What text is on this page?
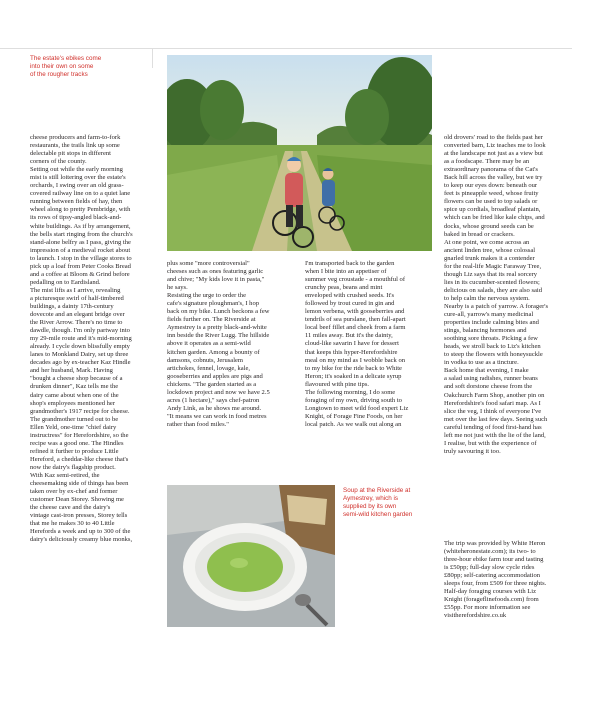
The estate's ebikes come
into their own on some
of the rougher tracks
cheese producers and farm-to-fork
restaurants, the trails link up some
delectable pit stops in different
corners of the county.
Setting out while the early morning
mist is still loitering over the estate's
orchards, I swing over an old grass-
covered railway line on to a quiet lane
running between fields of hay, then
wheel along to pretty Pembridge, with
its rows of tipsy-angled black-and-
white buildings. As if by arrangement,
the bells start ringing from the church's
stand-alone belfry as I pass, giving the
impression of a medieval rocket about
to launch. I stop in the village stores to
pick up a loaf from Peter Cooks Bread
and a coffee at Bloom & Grind before
pedalling on to Eardisland.
The mist lifts as I arrive, revealing
a picturesque swirl of half-timbered
buildings, a dainty 17th-century
dovecote and an elegant bridge over
the River Arrow. There's no time to
dawdle, though. I'm only partway into
my 29-mile route and it's mid-morning
already. I cycle down blissfully empty
lanes to Monkland Dairy, set up three
decades ago by ex-teacher Kaz Hindle
and her husband, Mark. Having
"bought a cheese shop because of a
drunken dinner", Kaz tells me the
dairy came about when one of the
shop's employees mentioned her
grandmother's 1917 recipe for cheese.
The grandmother turned out to be
Ellen Yeld, one-time "chief dairy
instructress" for Herefordshire, so the
recipe was a good one. The Hindles
refined it further to produce Little
Hereford, a cheddar-like cheese that's
now the dairy's flagship product.
With Kaz semi-retired, the
cheesemaking side of things has been
taken over by ex-chef and former
customer Dean Storey. Showing me
the cheese cave and the dairy's
vintage cast-iron presses, Storey tells
that me he makes 30 to 40 Little
Herefords a week and up to 300 of the
dairy's deliciously creamy blue monks,
plus some "more controversial"
cheeses such as ones featuring garlic
and chive; "My kids love it in pasta,"
he says.
Resisting the urge to order the
cafe's signature ploughman's, I hop
back on my bike. Lunch beckons a few
fields further on. The Riverside at
Aymestrey is a pretty black-and-white
inn beside the River Lugg. The hillside
above it operates as a semi-wild
kitchen garden. Among a bounty of
damsons, cobnuts, Jerusalem
artichokes, fennel, lovage, kale,
gooseberries and apples are pigs and
chickens. "The garden started as a
lockdown project and now we have 2.5
acres (1 hectare)," says chef-patron
Andy Link, as he shows me around.
"It means we can work in food metres
rather than food miles."
I'm transported back to the garden
when I bite into an appetiser of
summer veg croustade - a mouthful of
crunchy peas, beans and mint
enveloped with crushed seeds. It's
followed by trout cured in gin and
lemon verbena, with gooseberries and
tendrils of sea purslane, then fall-apart
local beef fillet and cheek from a farm
11 miles away. But it's the dainty,
cloud-like savarin I have for dessert
that keeps this hyper-Herefordshire
meal on my mind as I wobble back on
to my bike for the ride back to White
Heron; it's soaked in a delicate syrup
flavoured with pine tips.
The following morning, I do some
foraging of my own, driving south to
Longtown to meet wild food expert Liz
Knight, of Forage Fine Foods, on her
local patch. As we walk out along an
Soup at the Riverside at
Aymestrey, which is
supplied by its own
semi-wild kitchen garden
old drovers' road to the fields past her
converted barn, Liz teaches me to look
at the landscape not just as a view but
as a foodscape. There may be an
extraordinary panorama of the Cat's
Back hill across the valley, but we try
to keep our eyes down: beneath our
feet is pineapple weed, whose fruity
flowers can be used to top salads or
spice up cordials, broadleaf plantain,
which can be fried like kale chips, and
docks, whose ground seeds can be
baked in bread or crackers.
At one point, we come across an
ancient linden tree, whose colossal
gnarled trunk makes it a contender
for the real-life Magic Faraway Tree,
though Liz says that its real sorcery
lies in its cucumber-scented flowers;
delicious on salads, they are also said
to help calm the nervous system.
Nearby is a patch of yarrow. A forager's
cure-all, yarrow's many medicinal
properties include calming bites and
stings, balancing hormones and
soothing sore throats. Picking a few
heads, we stroll back to Liz's kitchen
to steep the flowers with honeysuckle
in vodka to use as a tincture.
Back home that evening, I make
a salad using radishes, runner beans
and soft dorstone cheese from the
Oakchurch Farm Shop, another pin on
Herefordshire's food safari map. As I
slice the veg, I think of everyone I've
met over the last few days. Seeing such
careful tending of food first-hand has
left me not just with the lie of the land,
I realise, but with the experience of
truly savouring it too.
The trip was provided by White Heron
(whiteheronestate.com); its two- to
three-hour ebike farm tour and tasting
is £50pp; full-day slow cycle rides
£80pp; self-catering accommodation
sleeps four, from £509 for three nights.
Half-day foraging courses with Liz
Knight (forageflinefoods.com) from
£55pp. For more information see
visitherefordshire.co.uk
